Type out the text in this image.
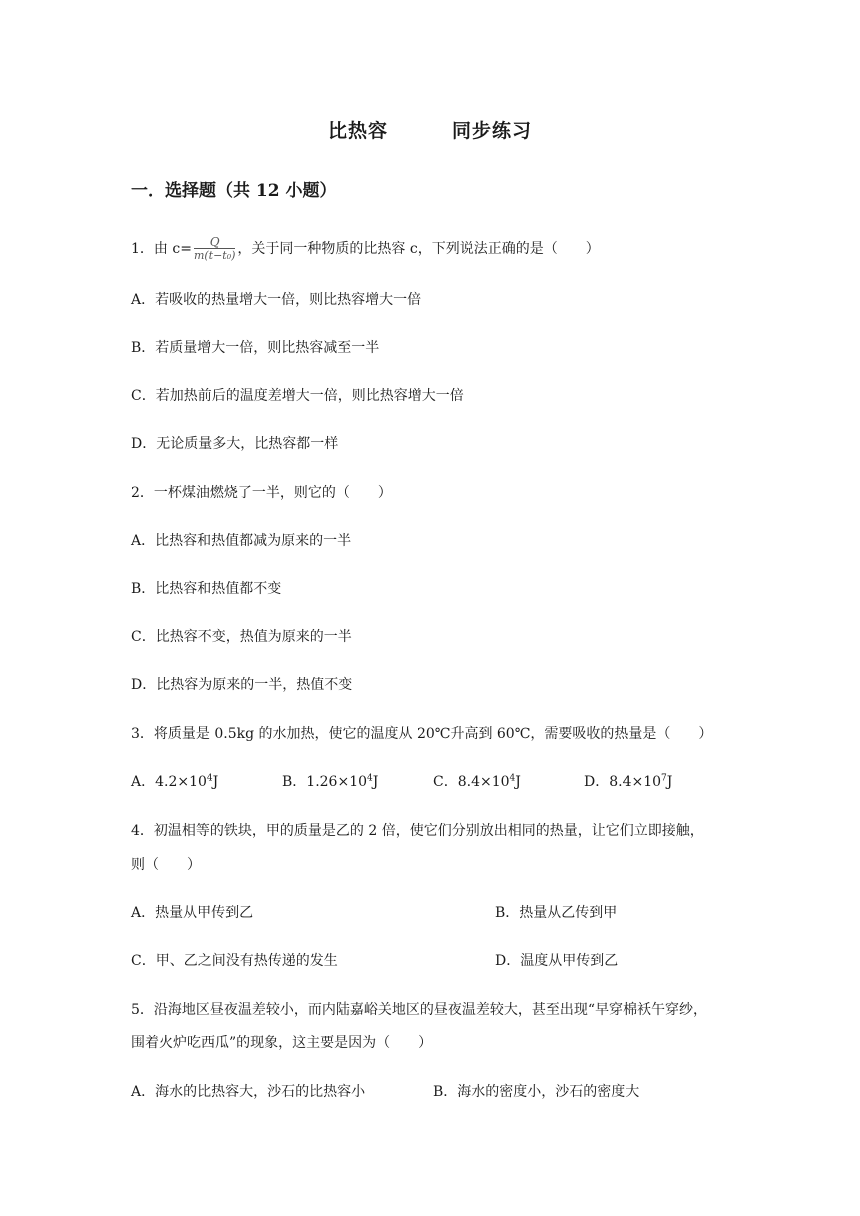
比热容	同步练习
一．选择题（共 12 小题）
1．由 $c= \frac{Q}{\text{m(t−t₀)}}$ ，关于同一种物质的比热容 c，下列说法正确的是（　　）
A．若吸收的热量增大一倍，则比热容增大一倍
B．若质量增大一倍，则比热容减至一半
C．若加热前后的温度差增大一倍，则比热容增大一倍
D．无论质量多大，比热容都一样
2．一杯煤油燃烧了一半，则它的（　　）
A．比热容和热值都减为原来的一半
B．比热容和热值都不变
C．比热容不变，热值为原来的一半
D．比热容为原来的一半，热值不变
3．将质量是 0.5kg 的水加热，使它的温度从 20℃升高到 60℃，需要吸收的热量是（　　）
A．$4.2\times 10^4J$	B．$1.26\times 10^4J$	C．$8.4\times 10^4J$	D．$8.4\times 10^7J$
4．初温相等的铁块，甲的质量是乙的 2 倍，使它们分别放出相同的热量，让它们立即接触，
则（　　）
A．热量从甲传到乙	B．热量从乙传到甲
C．甲、乙之间没有热传递的发生	D．温度从甲传到乙
5．沿海地区昼夜温差较小，而内陆嘉峪关地区的昼夜温差较大，甚至出现“早穿棉袄午穿纱，
围着火炉吃西瓜”的现象，这主要是因为（　　）
A．海水的比热容大，沙石的比热容小	B．海水的密度小，沙石的密度大
